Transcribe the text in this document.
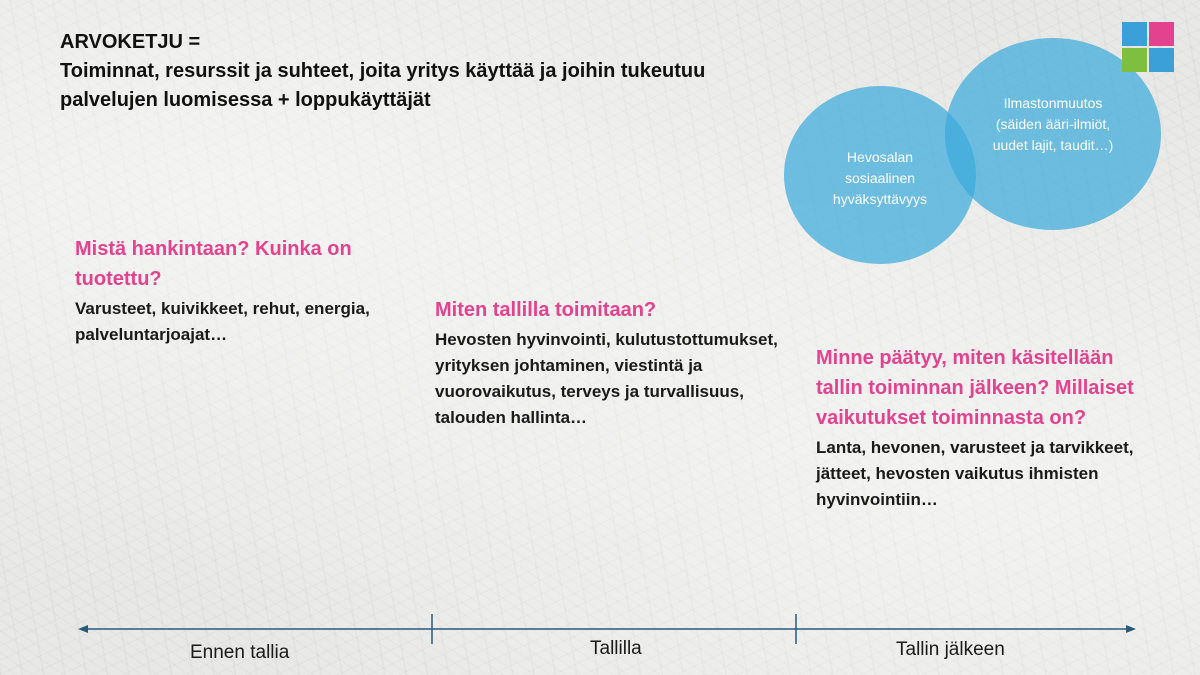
ARVOKETJU =
Toiminnat, resurssit ja suhteet, joita yritys käyttää ja joihin tukeutuu palvelujen luomisessa + loppukäyttäjät
Hevosalan sosiaalinen hyväksyttävyys
Ilmastonmuutos (säiden ääri-ilmiöt, uudet lajit, taudit…)
Mistä hankintaan? Kuinka on tuotettu?
Varusteet, kuivikkeet, rehut, energia, palveluntarjoajat…
Miten tallilla toimitaan?
Hevosten hyvinvointi, kulutustottumukset, yrityksen johtaminen, viestintä ja vuorovaikutus, terveys ja turvallisuus, talouden hallinta…
Minne päätyy, miten käsitellään tallin toiminnan jälkeen? Millaiset vaikutukset toiminnasta on?
Lanta, hevonen, varusteet ja tarvikkeet, jätteet, hevosten vaikutus ihmisten hyvinvointiin…
Ennen tallia	Tallilla	Tallin jälkeen
